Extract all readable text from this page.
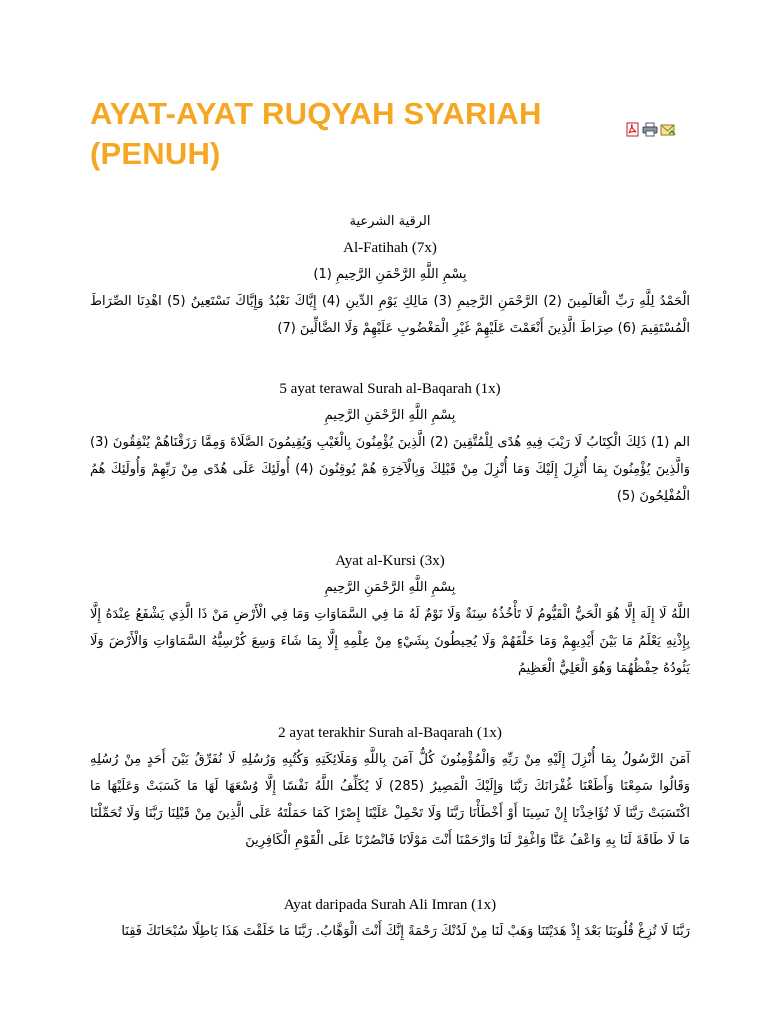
AYAT-AYAT RUQYAH SYARIAH (PENUH)

الرقية الشرعية

Al-Fatihah (7x)

بِسْمِ اللَّهِ الرَّحْمَنِ الرَّحِيمِ (1)

الْحَمْدُ لِلَّهِ رَبِّ الْعَالَمِينَ (2) الرَّحْمَنِ الرَّحِيمِ (3) مَالِكِ يَوْمِ الدِّينِ (4) إِيَّاكَ نَعْبُدُ وَإِيَّاكَ نَسْتَعِينُ (5) اهْدِنَا الصِّرَاطَ الْمُسْتَقِيمَ (6) صِرَاطَ الَّذِينَ أَنْعَمْتَ عَلَيْهِمْ غَيْرِ الْمَغْضُوبِ عَلَيْهِمْ وَلَا الضَّالِّينَ (7)

5 ayat terawal Surah al-Baqarah (1x)

بِسْمِ اللَّهِ الرَّحْمَنِ الرَّحِيمِ

الم (1) ذَلِكَ الْكِتَابُ لَا رَيْبَ فِيهِ هُدًى لِلْمُتَّقِينَ (2) الَّذِينَ يُؤْمِنُونَ بِالْغَيْبِ وَيُقِيمُونَ الصَّلَاةَ وَمِمَّا رَزَقْنَاهُمْ يُنْفِقُونَ (3) وَالَّذِينَ يُؤْمِنُونَ بِمَا أُنْزِلَ إِلَيْكَ وَمَا أُنْزِلَ مِنْ قَبْلِكَ وَبِالْآخِرَةِ هُمْ يُوقِنُونَ (4) أُولَئِكَ عَلَى هُدًى مِنْ رَبِّهِمْ وَأُولَئِكَ هُمُ الْمُفْلِحُونَ (5)

Ayat al-Kursi (3x)

بِسْمِ اللَّهِ الرَّحْمَنِ الرَّحِيمِ

اللَّهُ لَا إِلَهَ إِلَّا هُوَ الْحَيُّ الْقَيُّومُ لَا تَأْخُذُهُ سِنَةٌ وَلَا نَوْمٌ لَهُ مَا فِي السَّمَاوَاتِ وَمَا فِي الْأَرْضِ مَنْ ذَا الَّذِي يَشْفَعُ عِنْدَهُ إِلَّا بِإِذْنِهِ يَعْلَمُ مَا بَيْنَ أَيْدِيهِمْ وَمَا خَلْفَهُمْ وَلَا يُحِيطُونَ بِشَيْءٍ مِنْ عِلْمِهِ إِلَّا بِمَا شَاءَ وَسِعَ كُرْسِيُّهُ السَّمَاوَاتِ وَالْأَرْضَ وَلَا يَئُودُهُ حِفْظُهُمَا وَهُوَ الْعَلِيُّ الْعَظِيمُ

2 ayat terakhir Surah al-Baqarah (1x)

آمَنَ الرَّسُولُ بِمَا أُنْزِلَ إِلَيْهِ مِنْ رَبِّهِ وَالْمُؤْمِنُونَ كُلٌّ آمَنَ بِاللَّهِ وَمَلَائِكَتِهِ وَكُتُبِهِ وَرُسُلِهِ لَا نُفَرِّقُ بَيْنَ أَحَدٍ مِنْ رُسُلِهِ وَقَالُوا سَمِعْنَا وَأَطَعْنَا غُفْرَانَكَ رَبَّنَا وَإِلَيْكَ الْمَصِيرُ (285) لَا يُكَلِّفُ اللَّهُ نَفْسًا إِلَّا وُسْعَهَا لَهَا مَا كَسَبَتْ وَعَلَيْهَا مَا اكْتَسَبَتْ رَبَّنَا لَا تُؤَاخِذْنَا إِنْ نَسِينَا أَوْ أَخْطَأْنَا رَبَّنَا وَلَا تَحْمِلْ عَلَيْنَا إِصْرًا كَمَا حَمَلْتَهُ عَلَى الَّذِينَ مِنْ قَبْلِنَا رَبَّنَا وَلَا تُحَمِّلْنَا مَا لَا طَاقَةَ لَنَا بِهِ وَاعْفُ عَنَّا وَاغْفِرْ لَنَا وَارْحَمْنَا أَنْتَ مَوْلَانَا فَانْصُرْنَا عَلَى الْقَوْمِ الْكَافِرِينَ

Ayat daripada Surah Ali Imran (1x)

رَبَّنَا لَا تُزِغْ قُلُوبَنَا بَعْدَ إِذْ هَدَيْتَنَا وَهَبْ لَنَا مِنْ لَدُنْكَ رَحْمَةً إِنَّكَ أَنْتَ الْوَهَّابُ. رَبَّنَا مَا خَلَقْتَ هَذَا بَاطِلًا سُبْحَانَكَ فَقِنَا
